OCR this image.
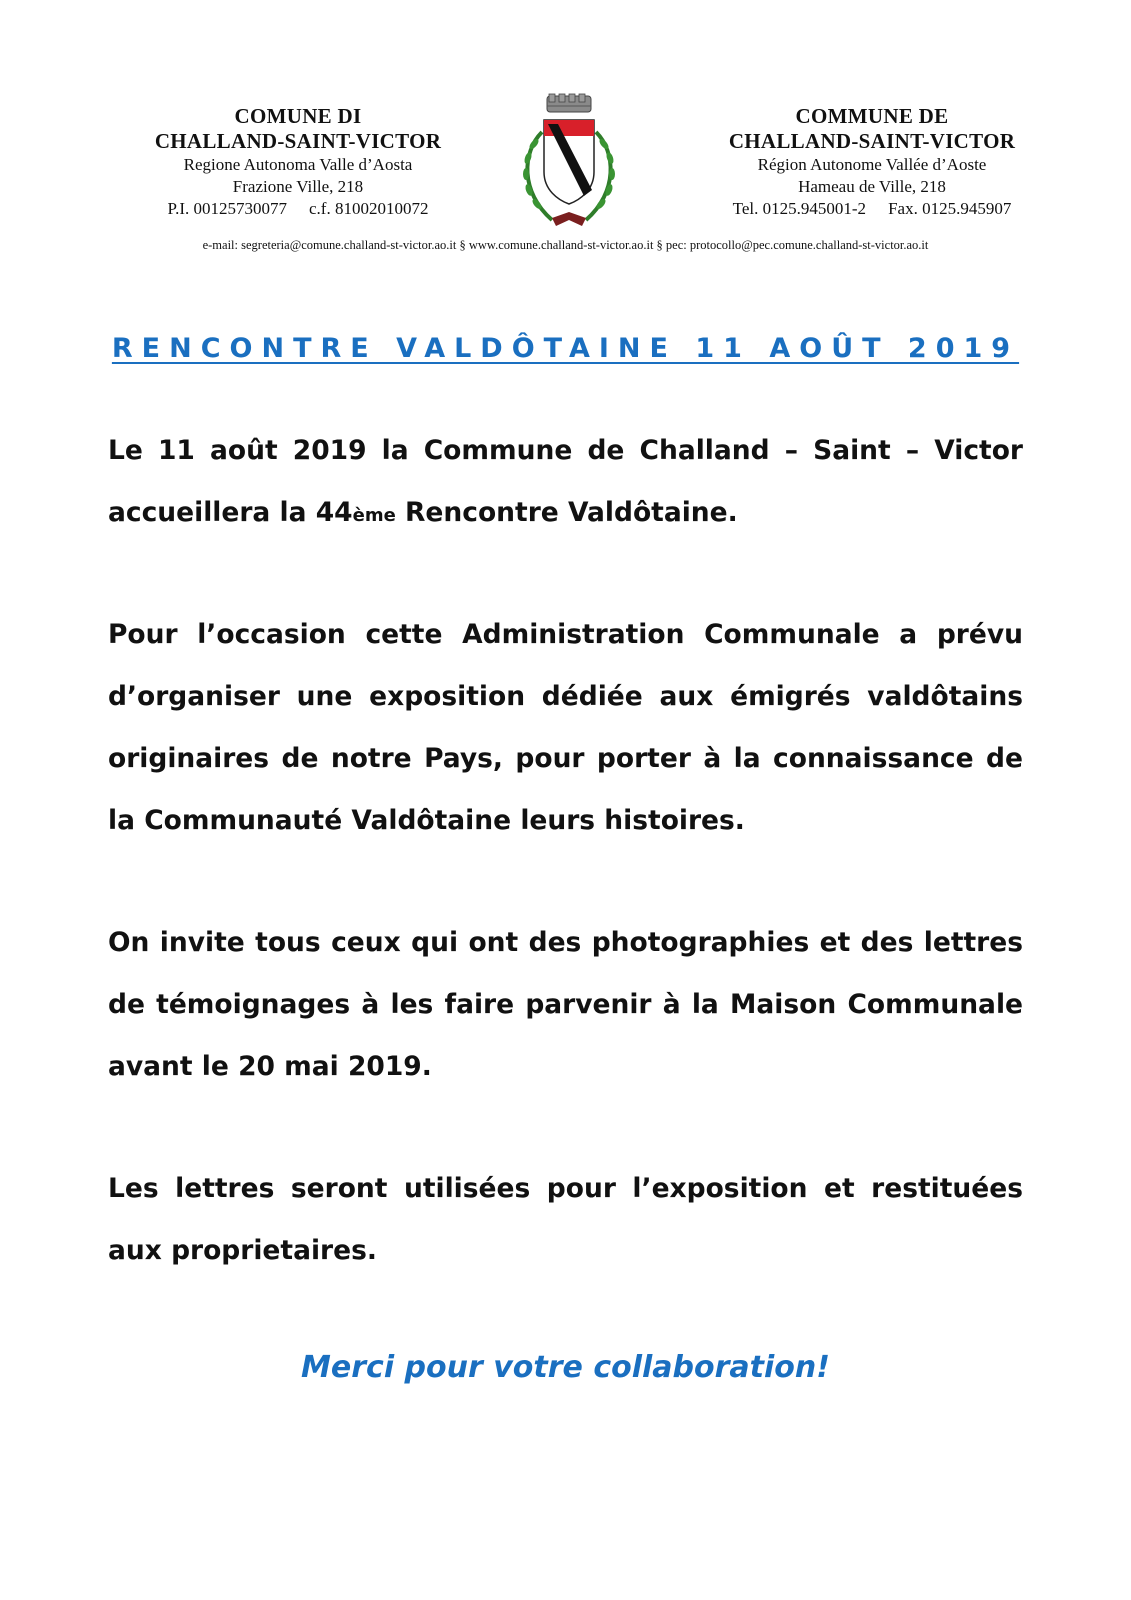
COMUNE DI
CHALLAND-SAINT-VICTOR
Regione Autonoma Valle d’Aosta
Frazione Ville, 218
P.I. 00125730077 c.f. 81002010072
COMMUNE DE
CHALLAND-SAINT-VICTOR
Région Autonome Vallée d’Aoste
Hameau de Ville, 218
Tel. 0125.945001-2 Fax. 0125.945907
e-mail: segreteria@comune.challand-st-victor.ao.it § www.comune.challand-st-victor.ao.it § pec: protocollo@pec.comune.challand-st-victor.ao.it
RENCONTRE VALDÔTAINE 11 AOÛT 2019
Le 11 août 2019 la Commune de Challand – Saint – Victor accueillera la 44ème Rencontre Valdôtaine.
Pour l’occasion cette Administration Communale a prévu d’organiser une exposition dédiée aux émigrés valdôtains originaires de notre Pays, pour porter à la connaissance de la Communauté Valdôtaine leurs histoires.
On invite tous ceux qui ont des photographies et des lettres de témoignages à les faire parvenir à la Maison Communale avant le 20 mai 2019.
Les lettres seront utilisées pour l’exposition et restituées aux proprietaires.
Merci pour votre collaboration!
